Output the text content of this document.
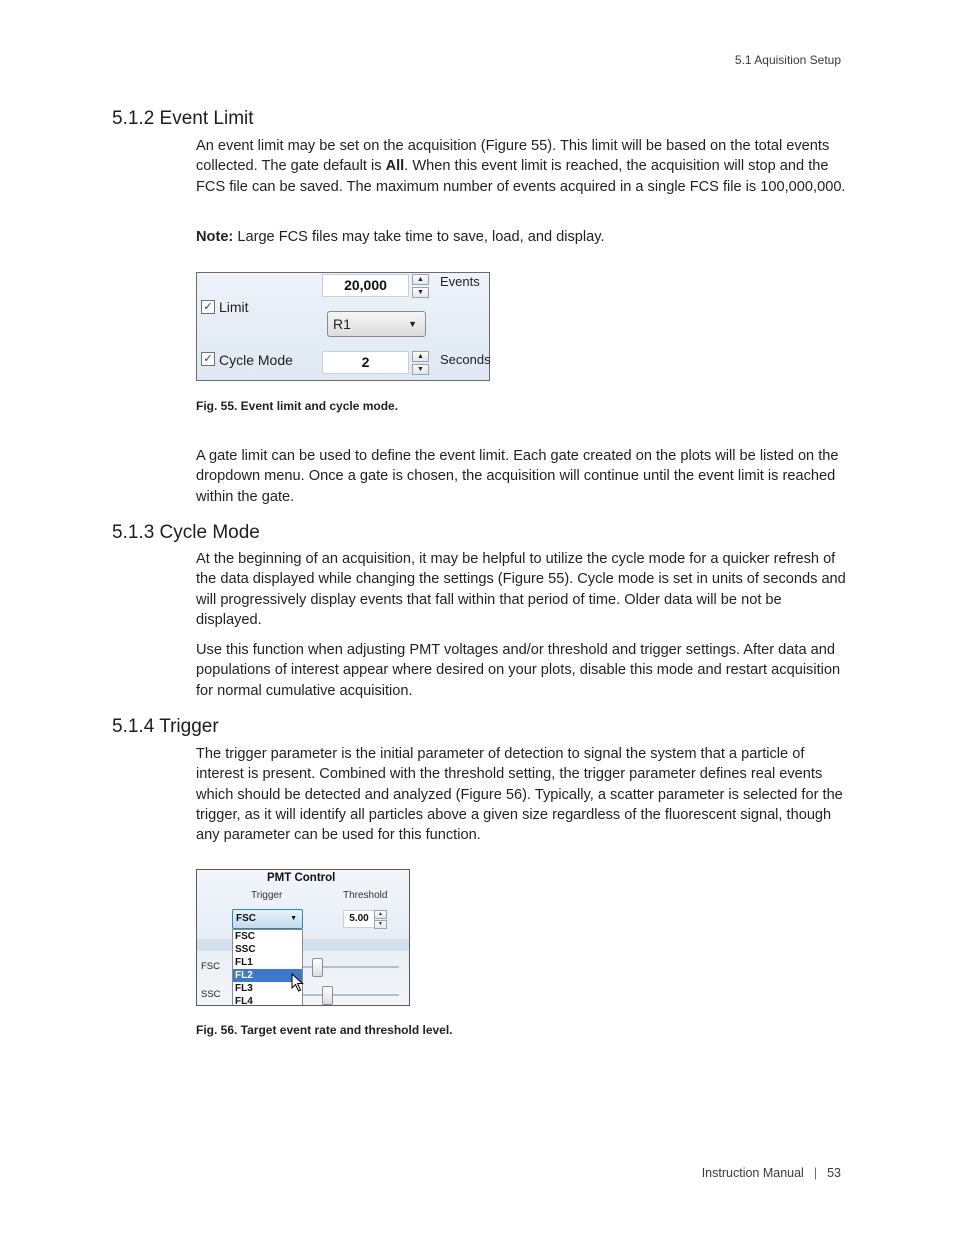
5.1 Aquisition Setup
5.1.2 Event Limit

An event limit may be set on the acquisition (Figure 55). This limit will be based on the total events collected. The gate default is All. When this event limit is reached, the acquisition will stop and the FCS file can be saved. The maximum number of events acquired in a single FCS file is 100,000,000.

Note: Large FCS files may take time to save, load, and display.

✓ Limit
20,000	▲
▼
Events
R1	▼
✓ Cycle Mode	2	▲
▼
Seconds

Fig. 55. Event limit and cycle mode.

A gate limit can be used to define the event limit. Each gate created on the plots will be listed on the dropdown menu. Once a gate is chosen, the acquisition will continue until the event limit is reached within the gate.

5.1.3 Cycle Mode

At the beginning of an acquisition, it may be helpful to utilize the cycle mode for a quicker refresh of the data displayed while changing the settings (Figure 55). Cycle mode is set in units of seconds and will progressively display events that fall within that period of time. Older data will be not be displayed.

Use this function when adjusting PMT voltages and/or threshold and trigger settings. After data and populations of interest appear where desired on your plots, disable this mode and restart acquisition for normal cumulative acquisition.

5.1.4 Trigger

The trigger parameter is the initial parameter of detection to signal the system that a particle of interest is present. Combined with the threshold setting, the trigger parameter defines real events which should be detected and analyzed (Figure 56). Typically, a scatter parameter is selected for the trigger, as it will identify all particles above a given size regardless of the fluorescent signal, though any parameter can be used for this function.

PMT Control
Trigger	Threshold
FSC	▼	5.00	▲
▼
FSC
SSC
FSC
SSC
FL1
FL2
FL3
FL4

Fig. 56. Target event rate and threshold level.

Instruction Manual | 53
